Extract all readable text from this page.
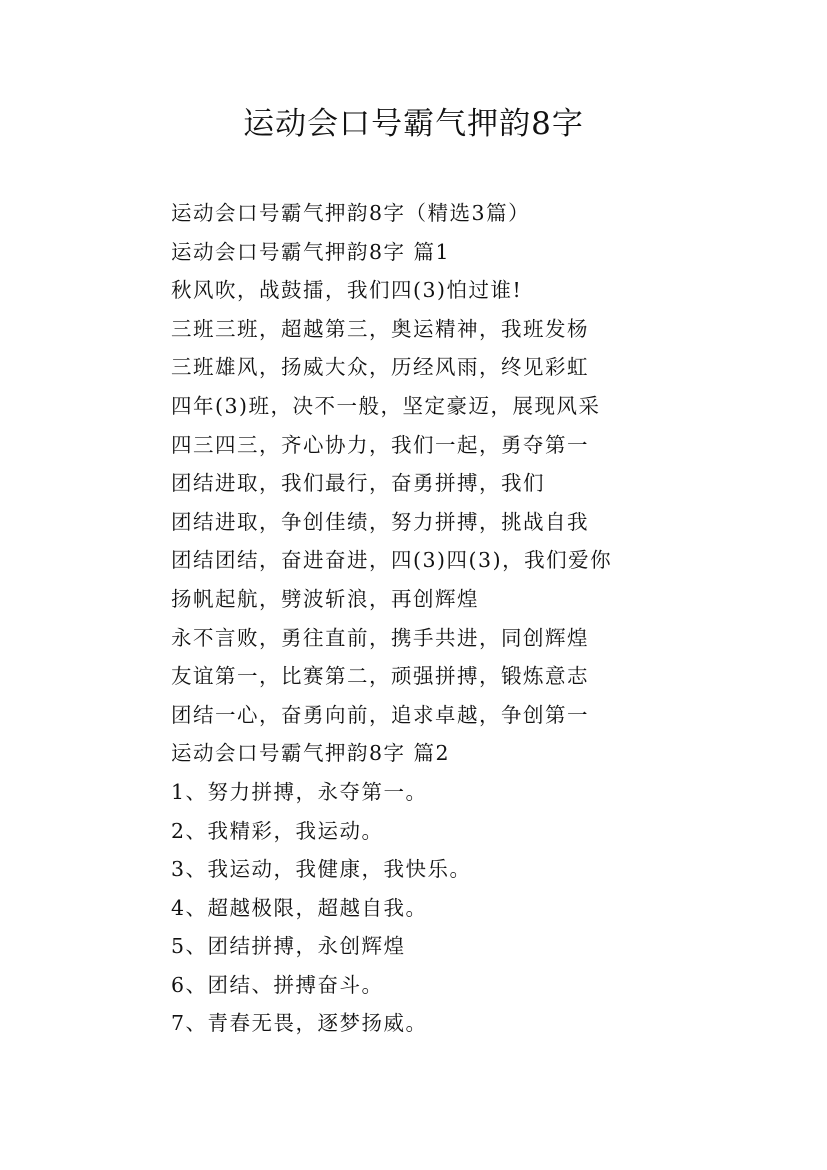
运动会口号霸气押韵8字
运动会口号霸气押韵8字（精选3篇）
运动会口号霸气押韵8字 篇1
秋风吹，战鼓擂，我们四(3)怕过谁!
三班三班，超越第三，奥运精神，我班发杨
三班雄风，扬威大众，历经风雨，终见彩虹
四年(3)班，决不一般，坚定豪迈，展现风采
四三四三，齐心协力，我们一起，勇夺第一
团结进取，我们最行，奋勇拼搏，我们
团结进取，争创佳绩，努力拼搏，挑战自我
团结团结，奋进奋进，四(3)四(3)，我们爱你
扬帆起航，劈波斩浪，再创辉煌
永不言败，勇往直前，携手共进，同创辉煌
友谊第一，比赛第二，顽强拼搏，锻炼意志
团结一心，奋勇向前，追求卓越，争创第一
运动会口号霸气押韵8字 篇2
1、努力拼搏，永夺第一。
2、我精彩，我运动。
3、我运动，我健康，我快乐。
4、超越极限，超越自我。
5、团结拼搏，永创辉煌
6、团结、拼搏奋斗。
7、青春无畏，逐梦扬威。
